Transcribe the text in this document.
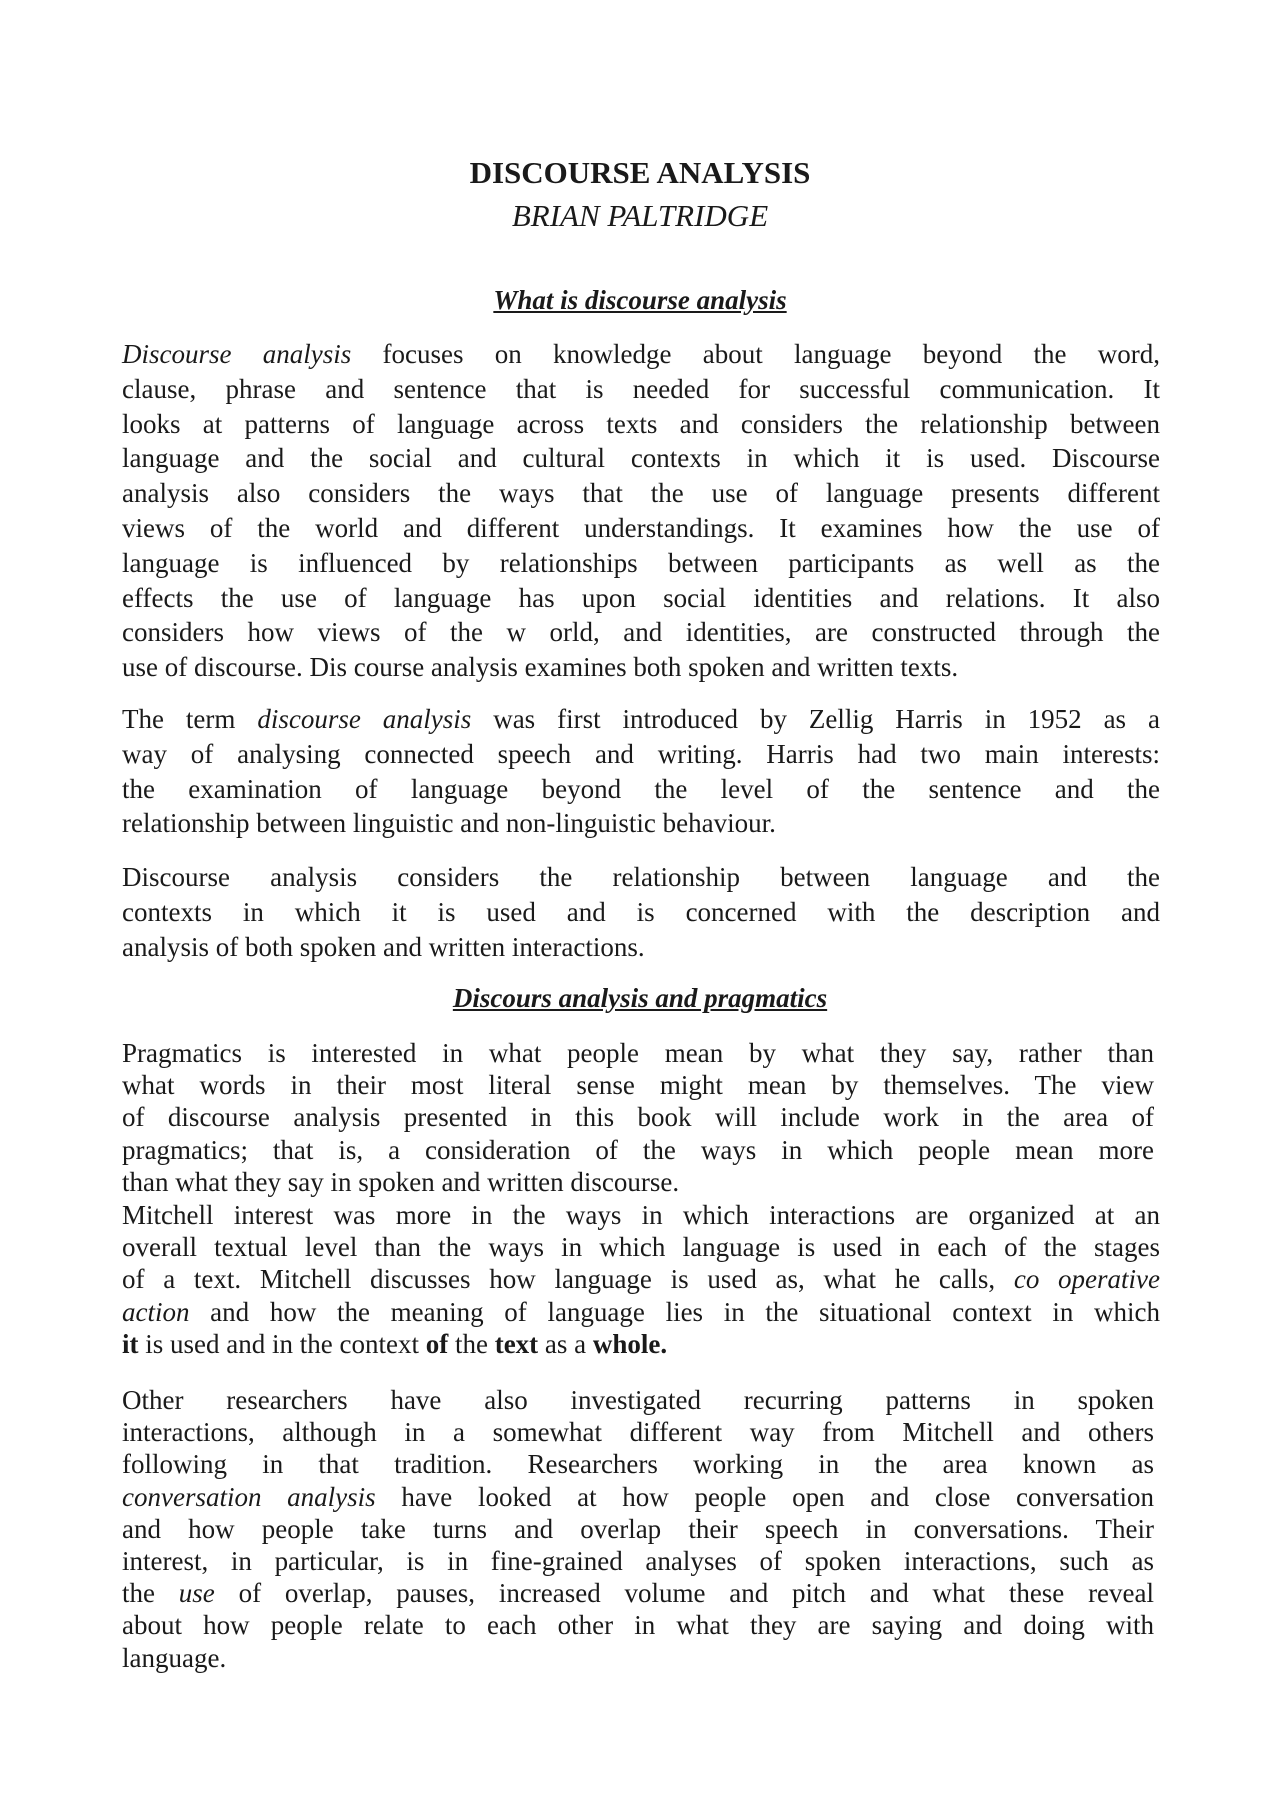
DISCOURSE ANALYSIS
BRIAN PALTRIDGE
What is discourse analysis

Discourse analysis focuses on knowledge about language beyond the word,
clause, phrase and sentence that is needed for successful communication. It
looks at patterns of language across texts and considers the relationship between
language and the social and cultural contexts in which it is used. Discourse
analysis also considers the ways that the use of language presents different
views of the world and different understandings. It examines how the use of
language is influenced by relationships between participants as well as the
effects the use of language has upon social identities and relations. It also
considers how views of the w orld, and identities, are constructed through the
use of discourse. Dis course analysis examines both spoken and written texts.

The term discourse analysis was first introduced by Zellig Harris in 1952 as a
way of analysing connected speech and writing. Harris had two main interests:
the examination of language beyond the level of the sentence and the
relationship between linguistic and non-linguistic behaviour.

Discourse analysis considers the relationship between language and the
contexts in which it is used and is concerned with the description and
analysis of both spoken and written interactions.

Discours analysis and pragmatics

Pragmatics is interested in what people mean by what they say, rather than
what words in their most literal sense might mean by themselves. The view
of discourse analysis presented in this book will include work in the area of
pragmatics; that is, a consideration of the ways in which people mean more
than what they say in spoken and written discourse.

Mitchell interest was more in the ways in which interactions are organized at an
overall textual level than the ways in which language is used in each of the stages
of a text. Mitchell discusses how language is used as, what he calls, co operative
action and how the meaning of language lies in the situational context in which
it is used and in the context of the text as a whole.

Other researchers have also investigated recurring patterns in spoken
interactions, although in a somewhat different way from Mitchell and others
following in that tradition. Researchers working in the area known as
conversation analysis have looked at how people open and close conversation
and how people take turns and overlap their speech in conversations. Their
interest, in particular, is in fine-grained analyses of spoken interactions, such as
the use of overlap, pauses, increased volume and pitch and what these reveal
about how people relate to each other in what they are saying and doing with
language.
